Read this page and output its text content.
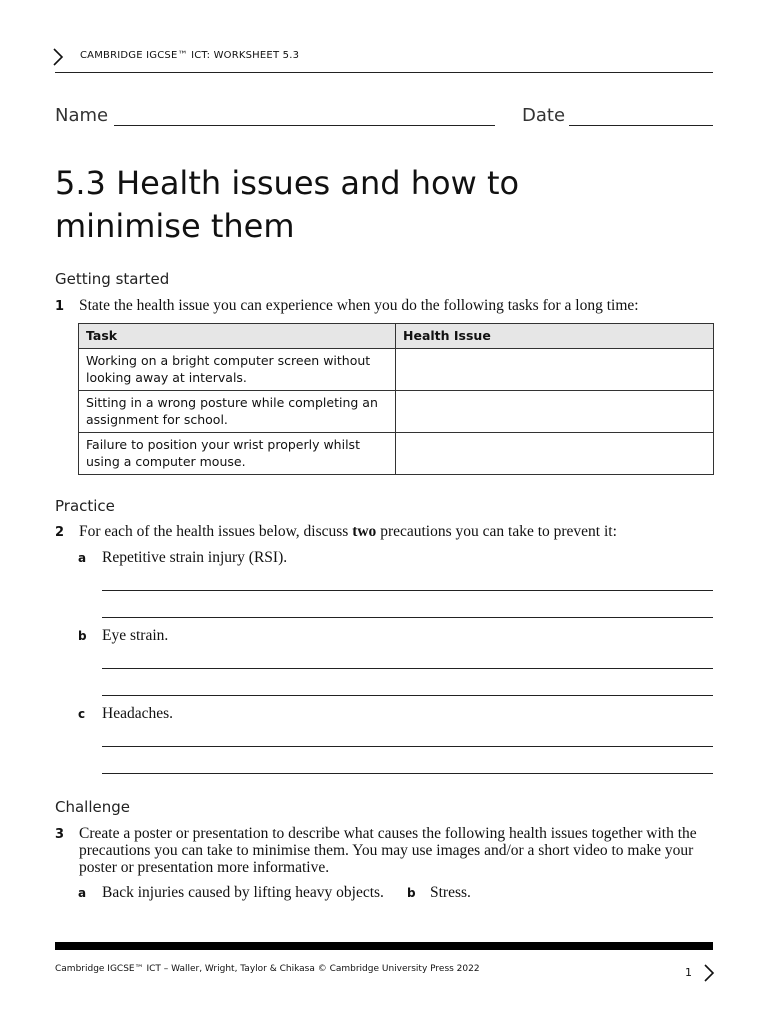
CAMBRIDGE IGCSE™ ICT: WORKSHEET 5.3
Name	Date
5.3 Health issues and how to minimise them
Getting started
1 State the health issue you can experience when you do the following tasks for a long time:
Task	Health Issue
Working on a bright computer screen without looking away at intervals.	
Sitting in a wrong posture while completing an assignment for school.	
Failure to position your wrist properly whilst using a computer mouse.	
Practice
2 For each of the health issues below, discuss two precautions you can take to prevent it:
a Repetitive strain injury (RSI).
b Eye strain.
c Headaches.
Challenge
3 Create a poster or presentation to describe what causes the following health issues together with the precautions you can take to minimise them. You may use images and/or a short video to make your poster or presentation more informative.
a Back injuries caused by lifting heavy objects. b Stress.
Cambridge IGCSE™ ICT – Waller, Wright, Taylor & Chikasa © Cambridge University Press 2022	1
